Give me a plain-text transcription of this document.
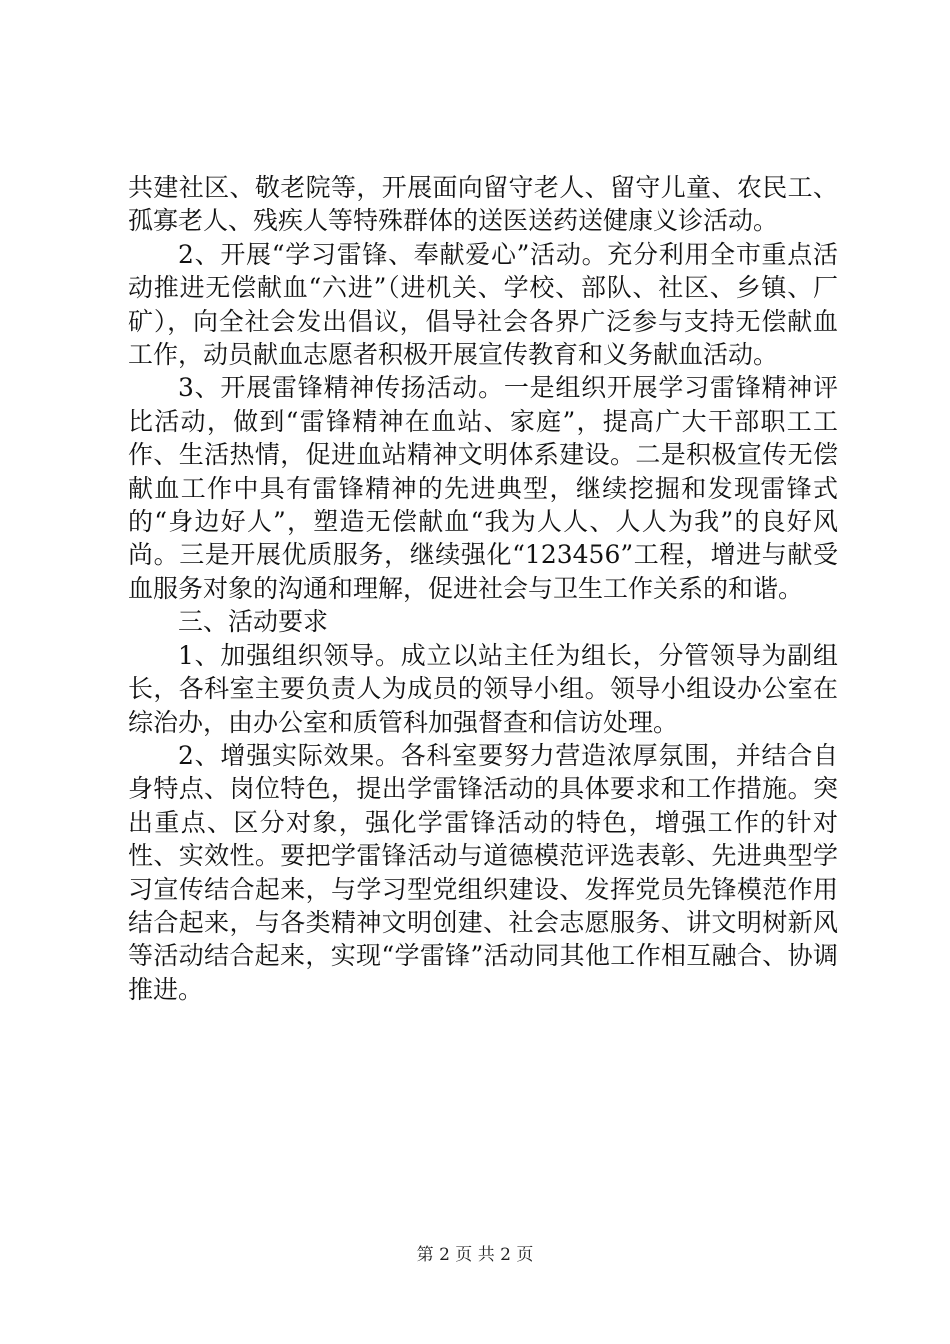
共建社区、敬老院等，开展面向留守老人、留守儿童、农民工、孤寡老人、残疾人等特殊群体的送医送药送健康义诊活动。

2、开展“学习雷锋、奉献爱心”活动。充分利用全市重点活动推进无偿献血“六进”（进机关、学校、部队、社区、乡镇、厂矿），向全社会发出倡议，倡导社会各界广泛参与支持无偿献血工作，动员献血志愿者积极开展宣传教育和义务献血活动。

3、开展雷锋精神传扬活动。一是组织开展学习雷锋精神评比活动，做到“雷锋精神在血站、家庭”，提高广大干部职工工作、生活热情，促进血站精神文明体系建设。二是积极宣传无偿献血工作中具有雷锋精神的先进典型，继续挖掘和发现雷锋式的“身边好人”，塑造无偿献血“我为人人、人人为我”的良好风尚。三是开展优质服务，继续强化“123456”工程，增进与献受血服务对象的沟通和理解，促进社会与卫生工作关系的和谐。

三、活动要求

1、加强组织领导。成立以站主任为组长，分管领导为副组长，各科室主要负责人为成员的领导小组。领导小组设办公室在综治办，由办公室和质管科加强督查和信访处理。

2、增强实际效果。各科室要努力营造浓厚氛围，并结合自身特点、岗位特色，提出学雷锋活动的具体要求和工作措施。突出重点、区分对象，强化学雷锋活动的特色，增强工作的针对性、实效性。要把学雷锋活动与道德模范评选表彰、先进典型学习宣传结合起来，与学习型党组织建设、发挥党员先锋模范作用结合起来，与各类精神文明创建、社会志愿服务、讲文明树新风等活动结合起来，实现“学雷锋”活动同其他工作相互融合、协调推进。

第 2 页 共 2 页
